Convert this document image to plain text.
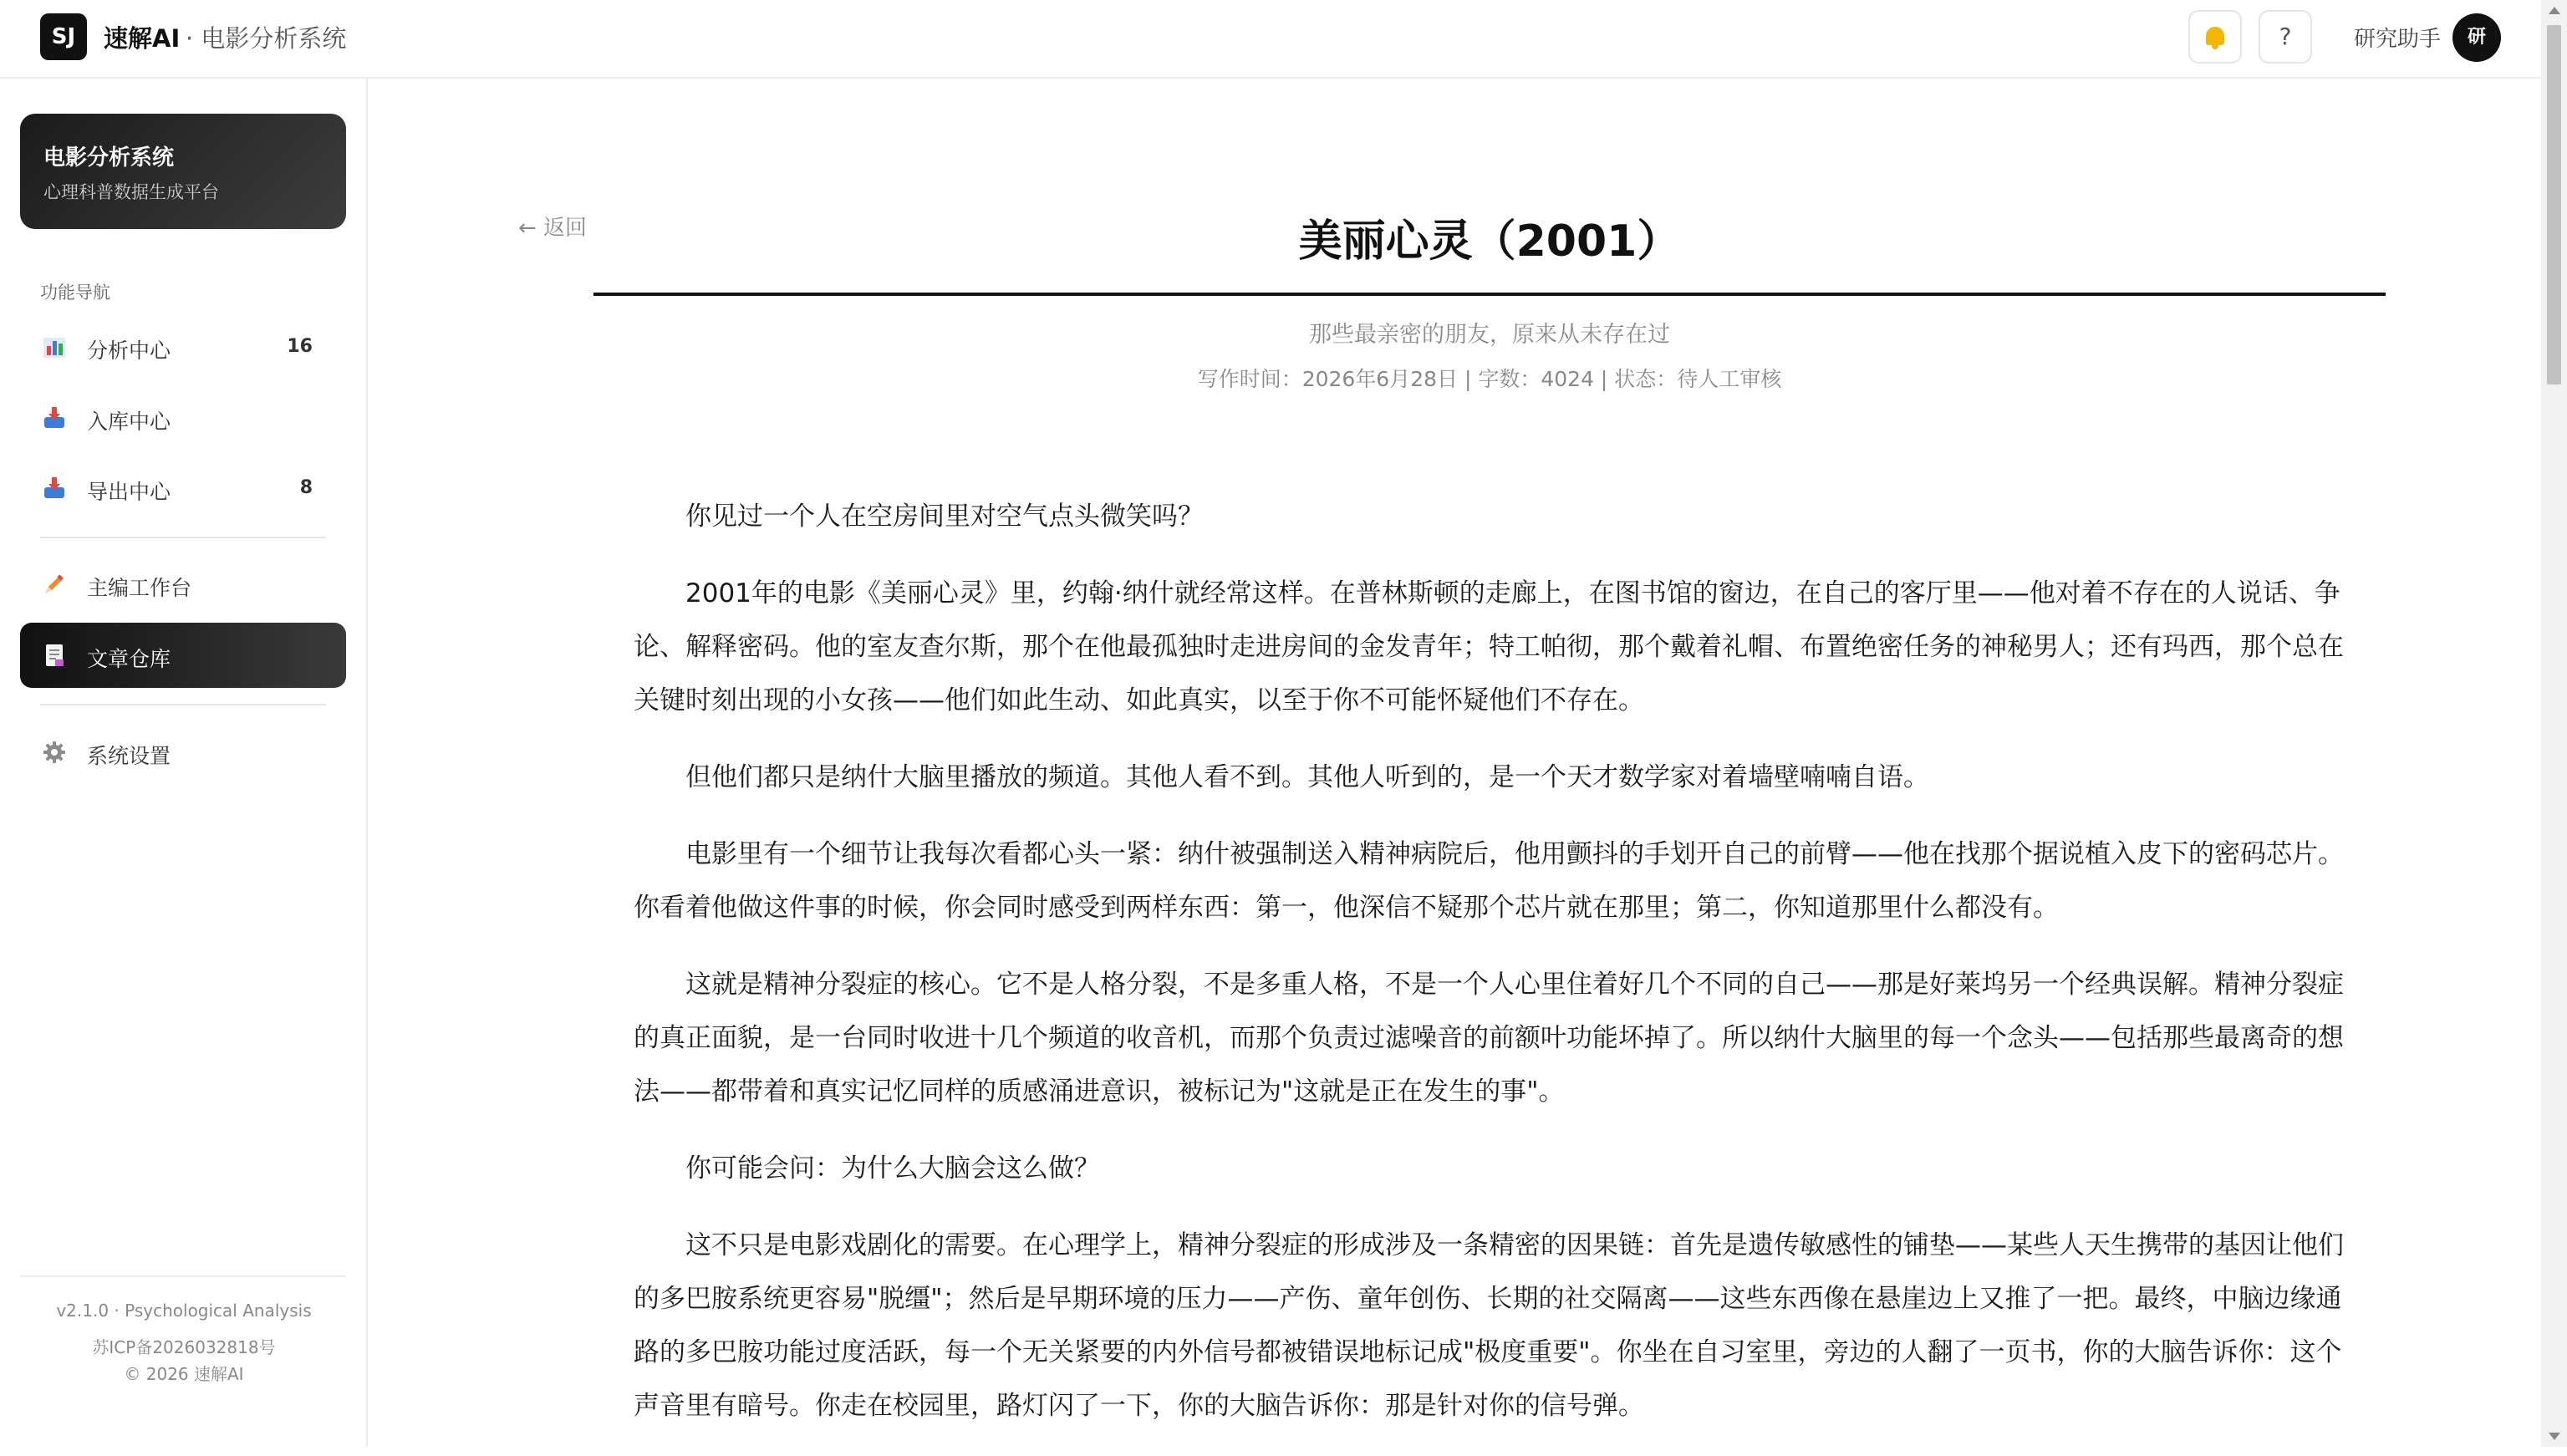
SJ	速解AI · 电影分析系统	?	研究助手	研
电影分析系统
心理科普数据生成平台
功能导航
分析中心	16
入库中心
导出中心	8
主编工作台
文章仓库
系统设置
v2.1.0 · Psychological Analysis
苏ICP备2026032818号
© 2026 速解AI
← 返回	美丽心灵（2001）
那些最亲密的朋友，原来从未存在过
写作时间：2026年6月28日 | 字数：4024 | 状态：待人工审核

你见过一个人在空房间里对空气点头微笑吗？

2001年的电影《美丽心灵》里，约翰·纳什就经常这样。在普林斯顿的走廊上，在图书馆的窗边，在自己的客厅里——他对着不存在的人说话、争论、解释密码。他的室友查尔斯，那个在他最孤独时走进房间的金发青年；特工帕彻，那个戴着礼帽、布置绝密任务的神秘男人；还有玛西，那个总在关键时刻出现的小女孩——他们如此生动、如此真实，以至于你不可能怀疑他们不存在。

但他们都只是纳什大脑里播放的频道。其他人看不到。其他人听到的，是一个天才数学家对着墙壁喃喃自语。

电影里有一个细节让我每次看都心头一紧：纳什被强制送入精神病院后，他用颤抖的手划开自己的前臂——他在找那个据说植入皮下的密码芯片。你看着他做这件事的时候，你会同时感受到两样东西：第一，他深信不疑那个芯片就在那里；第二，你知道那里什么都没有。

这就是精神分裂症的核心。它不是人格分裂，不是多重人格，不是一个人心里住着好几个不同的自己——那是好莱坞另一个经典误解。精神分裂症的真正面貌，是一台同时收进十几个频道的收音机，而那个负责过滤噪音的前额叶功能坏掉了。所以纳什大脑里的每一个念头——包括那些最离奇的想法——都带着和真实记忆同样的质感涌进意识，被标记为"这就是正在发生的事"。

你可能会问：为什么大脑会这么做？

这不只是电影戏剧化的需要。在心理学上，精神分裂症的形成涉及一条精密的因果链：首先是遗传敏感性的铺垫——某些人天生携带的基因让他们的多巴胺系统更容易"脱缰"；然后是早期环境的压力——产伤、童年创伤、长期的社交隔离——这些东西像在悬崖边上又推了一把。最终，中脑边缘通路的多巴胺功能过度活跃，每一个无关紧要的内外信号都被错误地标记成"极度重要"。你坐在自习室里，旁边的人翻了一页书，你的大脑告诉你：这个声音里有暗号。你走在校园里，路灯闪了一下，你的大脑告诉你：那是针对你的信号弹。
